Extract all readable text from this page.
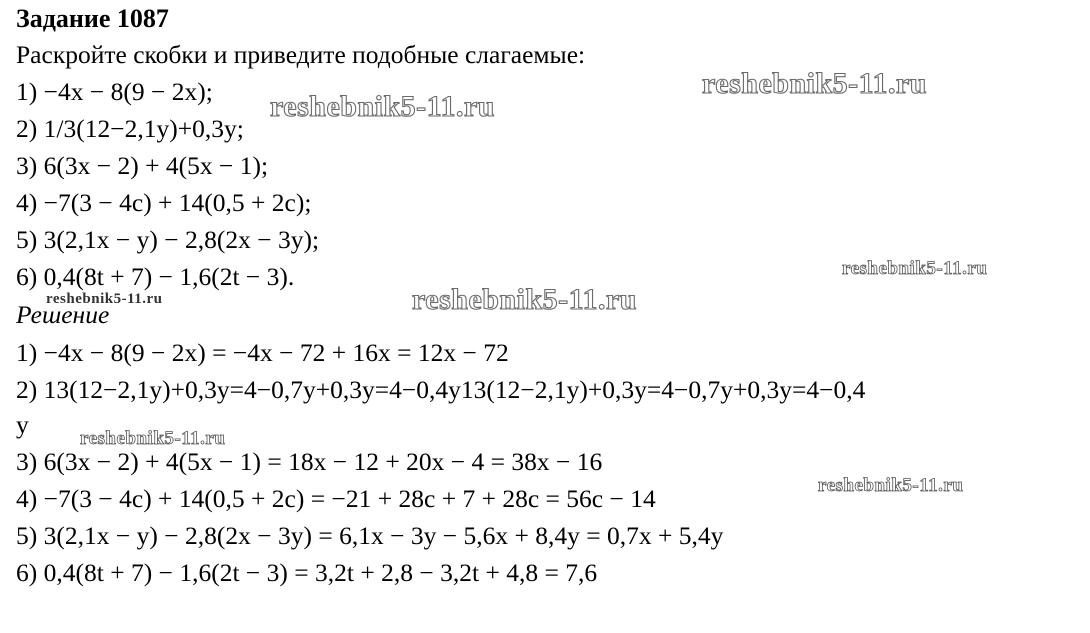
Задание 1087
Раскройте скобки и приведите подобные слагаемые:
1) −4x − 8(9 − 2x);
2) 1/3(12−2,1y)+0,3y;
3) 6(3x − 2) + 4(5x − 1);
4) −7(3 − 4c) + 14(0,5 + 2c);
5) 3(2,1x − y) − 2,8(2x − 3y);
6) 0,4(8t + 7) − 1,6(2t − 3).
Решение
1) −4x − 8(9 − 2x) = −4x − 72 + 16x = 12x − 72
2) 13(12−2,1y)+0,3y=4−0,7y+0,3y=4−0,4y13(12−2,1y)+0,3y=4−0,7y+0,3y=4−0,4
y
3) 6(3x − 2) + 4(5x − 1) = 18x − 12 + 20x − 4 = 38x − 16
4) −7(3 − 4c) + 14(0,5 + 2c) = −21 + 28c + 7 + 28c = 56c − 14
5) 3(2,1x − y) − 2,8(2x − 3y) = 6,1x − 3y − 5,6x + 8,4y = 0,7x + 5,4y
6) 0,4(8t + 7) − 1,6(2t − 3) = 3,2t + 2,8 − 3,2t + 4,8 = 7,6
reshebnik5-11.ru
reshebnik5-11.ru
reshebnik5-11.ru
reshebnik5-11.ru
reshebnik5-11.ru
reshebnik5-11.ru
reshebnik5-11.ru
